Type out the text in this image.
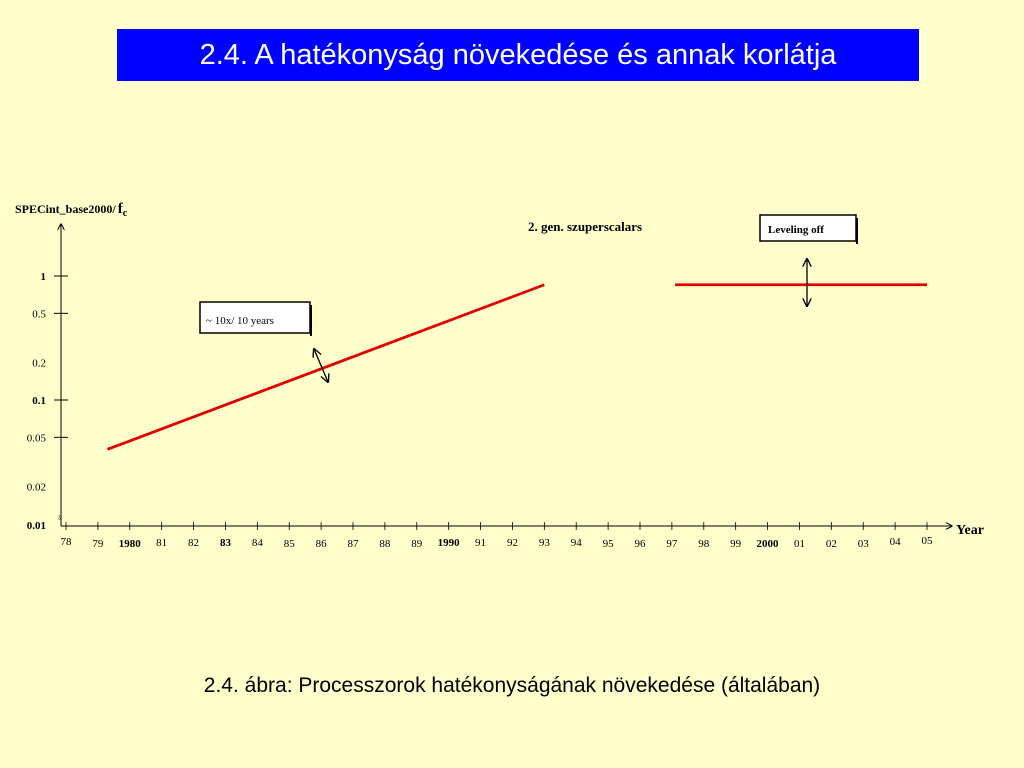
2.4. A hatékonyság növekedése és annak korlátja
SPECint_base2000/ $f_c$
≈
Year
1
0.5
0.2
0.1
0.05
0.02
0.01
78 79 1980 81 82 83 84 85 86 87 88 89 1990 91 92 93 94 95 96 97 98 99 2000 01 02 03 04 05
~ 10x/ 10 years
2. gen. szuperscalars	Leveling off
2.4. ábra: Processzorok hatékonyságának növekedése (általában)
